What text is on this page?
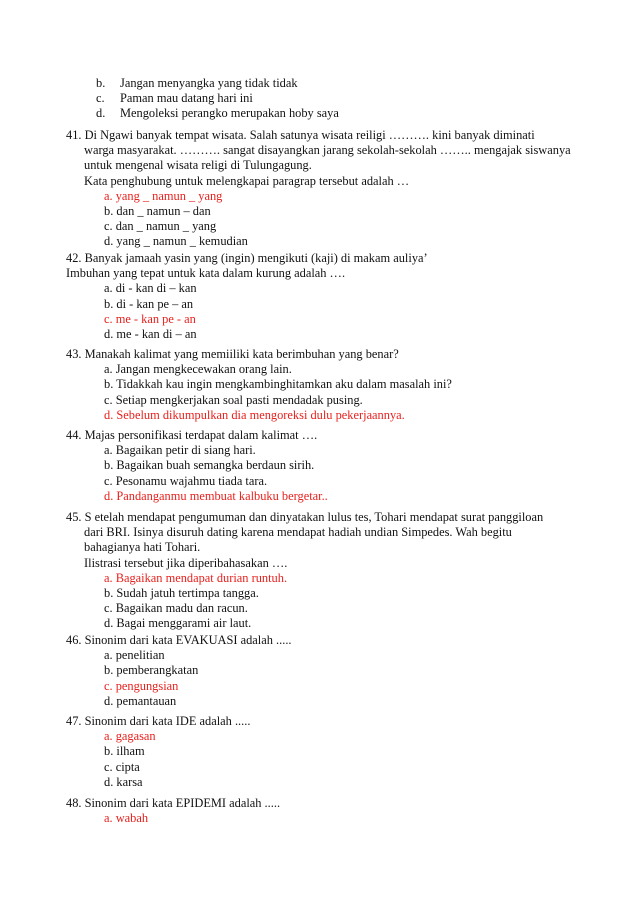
b.	Jangan menyangka yang tidak tidak
c.	Paman mau datang hari ini
d.	Mengoleksi perangko merupakan hoby saya
41. Di Ngawi banyak tempat wisata. Salah satunya wisata reiligi ………. kini banyak diminati
warga masyarakat. ………. sangat disayangkan jarang sekolah-sekolah …….. mengajak siswanya
untuk mengenal wisata religi di Tulungagung.
Kata penghubung untuk melengkapai paragrap tersebut adalah …
a. yang _ namun _ yang
b. dan _ namun – dan
c. dan _ namun _ yang
d. yang _ namun _ kemudian
42. Banyak jamaah yasin yang (ingin) mengikuti (kaji) di makam auliya’
Imbuhan yang tepat untuk kata dalam kurung adalah ….
a. di - kan di – kan
b. di - kan pe – an
c. me - kan pe - an
d. me - kan di – an
43. Manakah kalimat yang memiiliki kata berimbuhan yang benar?
a. Jangan mengkecewakan orang lain.
b. Tidakkah kau ingin mengkambinghitamkan aku dalam masalah ini?
c. Setiap mengkerjakan soal pasti mendadak pusing.
d. Sebelum dikumpulkan dia mengoreksi dulu pekerjaannya.
44. Majas personifikasi terdapat dalam kalimat ….
a. Bagaikan petir di siang hari.
b. Bagaikan buah semangka berdaun sirih.
c. Pesonamu wajahmu tiada tara.
d. Pandanganmu membuat kalbuku bergetar..
45. S etelah mendapat pengumuman dan dinyatakan lulus tes, Tohari mendapat surat panggiloan
dari BRI. Isinya disuruh dating karena mendapat hadiah undian Simpedes. Wah begitu
bahagianya hati Tohari.
Ilistrasi tersebut jika diperibahasakan ….
a. Bagaikan mendapat durian runtuh.
b. Sudah jatuh tertimpa tangga.
c. Bagaikan madu dan racun.
d. Bagai menggarami air laut.
46. Sinonim dari kata EVAKUASI adalah .....
a. penelitian
b. pemberangkatan
c. pengungsian
d. pemantauan
47. Sinonim dari kata IDE adalah .....
a. gagasan
b. ilham
c. cipta
d. karsa
48. Sinonim dari kata EPIDEMI adalah .....
a. wabah
